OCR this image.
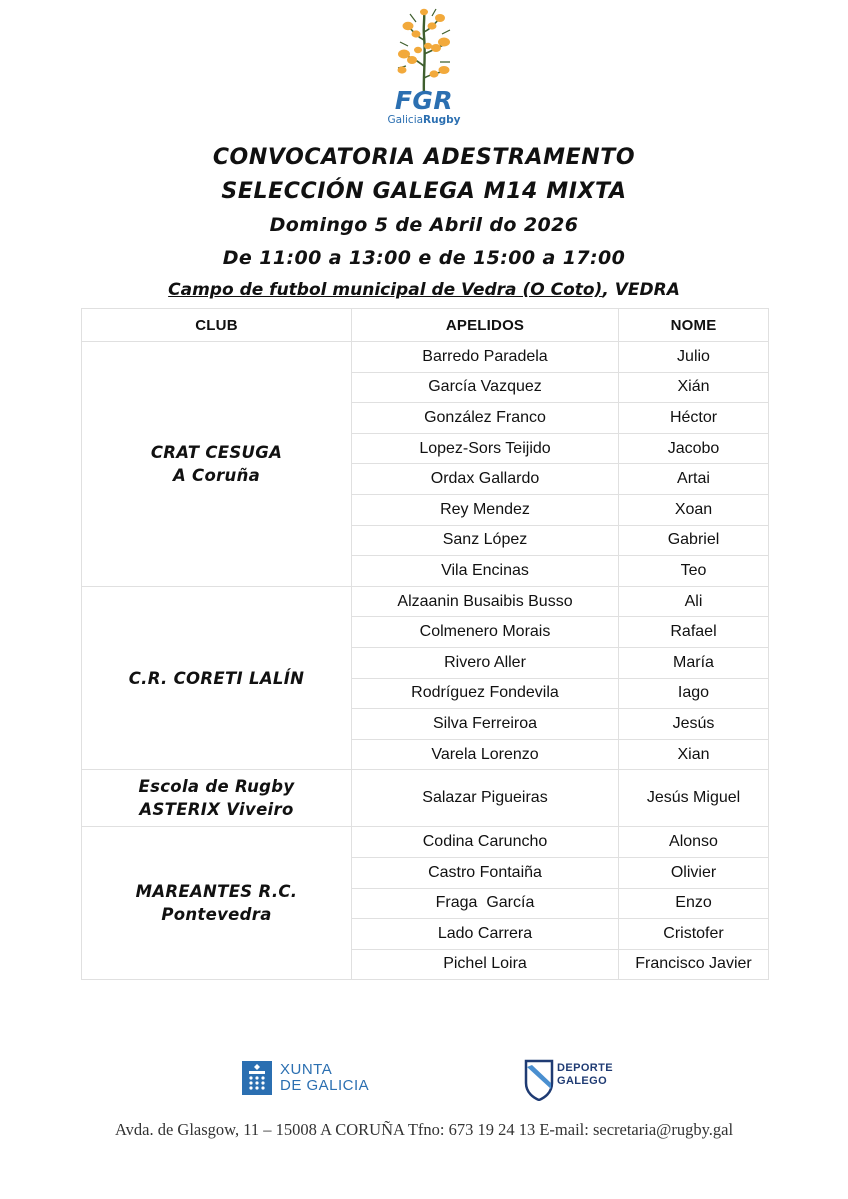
FGR
GaliciaRugby
CONVOCATORIA ADESTRAMENTO
SELECCIÓN GALEGA M14 MIXTA
Domingo 5 de Abril do 2026
De 11:00 a 13:00 e de 15:00 a 17:00
Campo de futbol municipal de Vedra (O Coto), VEDRA
CLUB	APELIDOS	NOME

CRAT CESUGA
A Coruña	Barredo Paradela	Julio
	García Vazquez	Xián
	González Franco	Héctor
	Lopez-Sors Teijido	Jacobo
	Ordax Gallardo	Artai
	Rey Mendez	Xoan
	Sanz López	Gabriel
	Vila Encinas	Teo

C.R. CORETI LALÍN	Alzaanin Busaibis Busso	Ali
	Colmenero Morais	Rafael
	Rivero Aller	María
	Rodríguez Fondevila	Iago
	Silva Ferreiroa	Jesús
	Varela Lorenzo	Xian

Escola de Rugby
ASTERIX Viveiro	Salazar Pigueiras	Jesús Miguel

MAREANTES R.C.
Pontevedra	Codina Caruncho	Alonso
	Castro Fontaiña	Olivier
	Fraga  García	Enzo
	Lado Carrera	Cristofer
	Pichel Loira	Francisco Javier
XUNTA
DE GALICIA
DEPORTE
GALEGO
Avda. de Glasgow, 11 – 15008 A CORUÑA Tfno: 673 19 24 13 E-mail: secretaria@rugby.gal
